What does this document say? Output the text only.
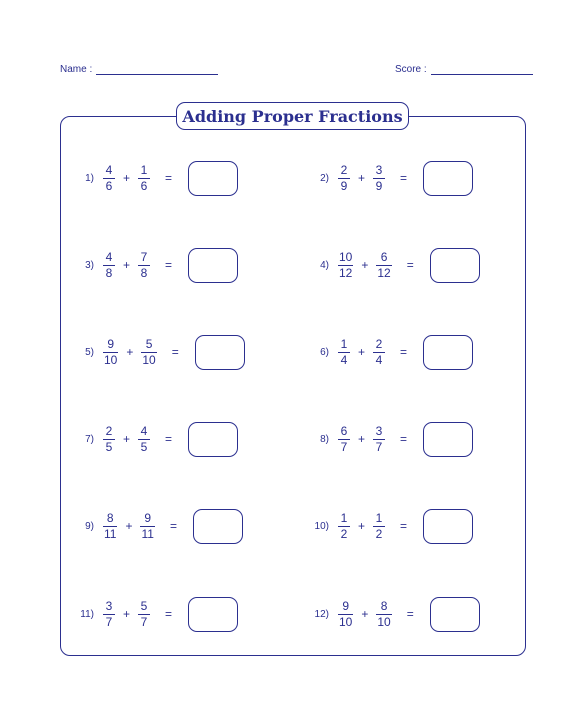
Name :	Score :
Adding Proper Fractions
$1) \frac{4}{6} + \frac{1}{6}$ =	$2) \frac{2}{9} + \frac{3}{9}$ =
$3) \frac{4}{8} + \frac{7}{8}$ =	$4) \frac{10}{12} + \frac{6}{12}$ =
$5) \frac{9}{10} + \frac{5}{10}$ =	$6) \frac{1}{4} + \frac{2}{4}$ =
$7) \frac{2}{5} + \frac{4}{5}$ =	$8) \frac{6}{7} + \frac{3}{7}$ =
$9) \frac{8}{11} + \frac{9}{11}$ =	$10) \frac{1}{2} + \frac{1}{2}$ =
$11) \frac{3}{7} + \frac{5}{7}$ =	$12) \frac{9}{10} + \frac{8}{10}$ =
